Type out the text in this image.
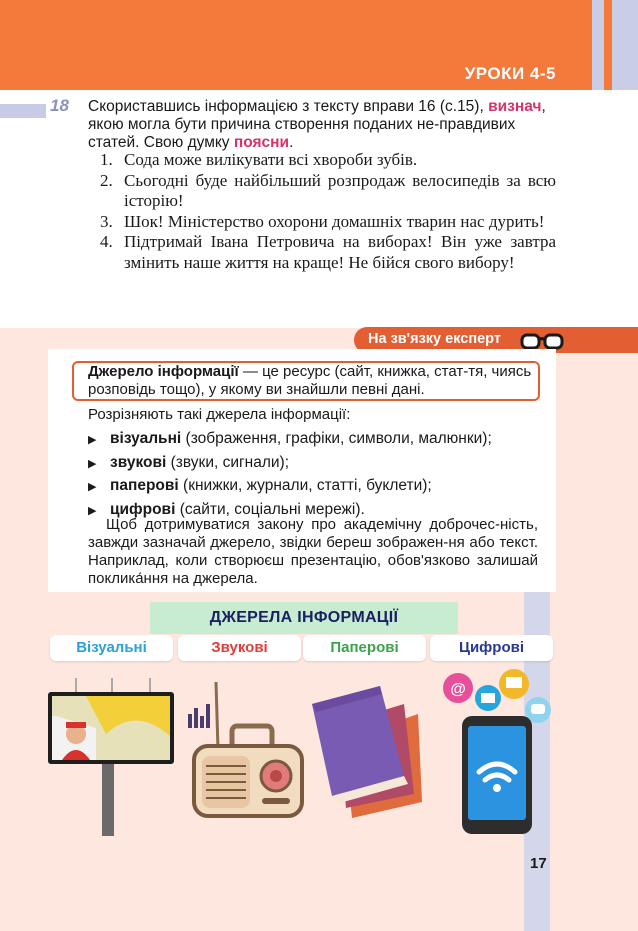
УРОКИ 4-5
18 Скориставшись інформацією з тексту вправи 16 (с.15), визнач, якою могла бути причина створення поданих не-правдивих статей. Свою думку поясни.
1. Сода може вилікувати всі хвороби зубів.
2. Сьогодні буде найбільший розпродаж велосипедів за всю історію!
3. Шок! Міністерство охорони домашніх тварин нас дурить!
4. Підтримай Івана Петровича на виборах! Він уже завтра змінить наше життя на краще! Не бійся свого вибору!
На зв'язку експерт
Джерело інформації — це ресурс (сайт, книжка, стат-тя, чиясь розповідь тощо), у якому ви знайшли певні дані.
Розрізняють такі джерела інформації:
▶ візуальні (зображення, графіки, символи, малюнки);
▶ звукові (звуки, сигнали);
▶ паперові (книжки, журнали, статті, буклети);
▶ цифрові (сайти, соціальні мережі).

Щоб дотримуватися закону про академічну доброчес-ність, завжди зазначай джерело, звідки береш зображен-ня або текст. Наприклад, коли створюєш презентацію, обов'язково залишай поклика́ння на джерела.

ДЖЕРЕЛА ІНФОРМАЦІЇ
Візуальні	Звукові	Паперові	Цифрові
@
17
